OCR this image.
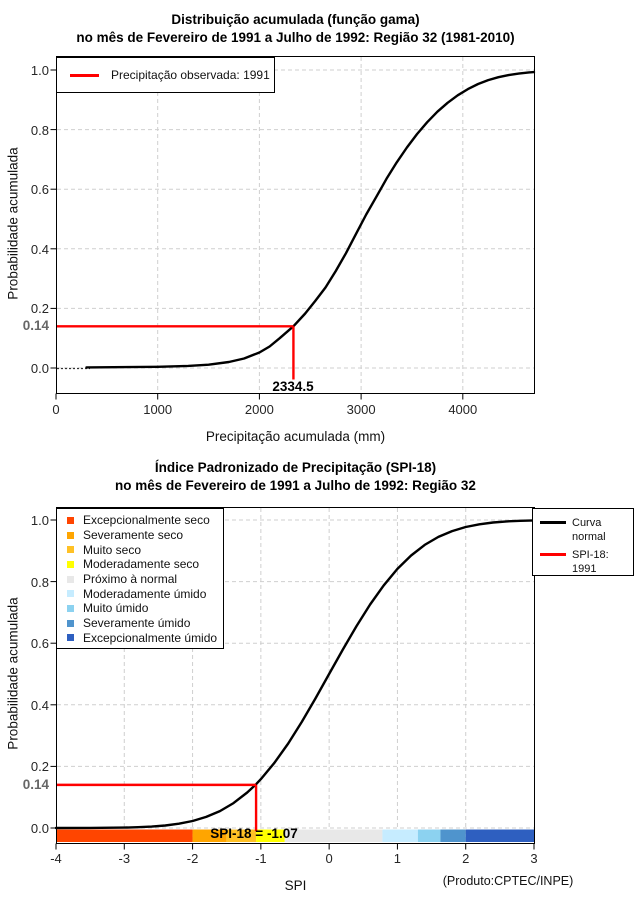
Distribuição acumulada (função gama)
no mês de Fevereiro de 1991 a Julho de 1992: Região 32 (1981-2010)
Probabilidade acumulada
Precipitação acumulada (mm)
Precipitação observada: 1991
0.14
2334.5
Índice Padronizado de Precipitação (SPI-18)
no mês de Fevereiro de 1991 a Julho de 1992: Região 32
Probabilidade acumulada
SPI
Excepcionalmente seco
Severamente seco
Muito seco
Moderadamente seco
Próximo à normal
Moderadamente úmido
Muito úmido
Severamente úmido
Excepcionalmente úmido
Curva normal
SPI-18: 1991
0.14
SPI-18 = -1.07
(Produto:CPTEC/INPE)
0	1000	2000	3000	4000
0.0
0.2
0.4
0.6
0.8
1.0
-4	-3	-2	-1	0	1	2	3
0.0
0.2
0.4
0.6
0.8
1.0
